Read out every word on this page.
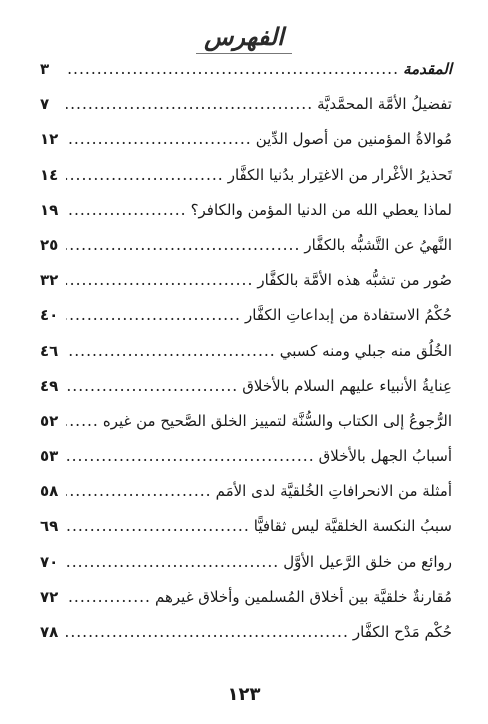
الفهرس
المقدمة
.....
٣
تفضيلُ الأمَّة المحمَّديَّة
.....
٧
مُوالاةُ المؤمنين من أصول الدِّين
.....
١٢
تَحذيرُ الأغْرار من الاغتِرار بدُنيا الكفَّار
.....
١٤
لماذا يعطي الله من الدنيا المؤمن والكافر؟
.....
١٩
النَّهيُ عن التَّشبُّه بالكفَّار
.....
٢٥
صُور من تشبُّه هذه الأمَّة بالكفَّار
.....
٣٢
حُكْمُ الاستفادة من إبداعاتِ الكفَّار
.....
٤٠
الخُلُق منه جبلي ومنه كسبي
.....
٤٦
عِنايةُ الأنبياء عليهم السلام بالأخلاق
.....
٤٩
الرُّجوعُ إلى الكتاب والسُّنَّة لتمييز الخلق الصَّحيح من غيره
.....
٥٢
أسبابُ الجهل بالأخلاق
.....
٥٣
أمثلة من الانحرافاتِ الخُلقيَّة لدى الأمَم
.....
٥٨
سببُ النكسة الخلقيَّة ليس ثقافيًّا
.....
٦٩
روائع من خلق الرَّعيل الأوَّل
.....
٧٠
مُقارنةٌ خلقيَّة بين أخلاق المُسلمين وأخلاق غيرهم
.....
٧٢
حُكْم مَدْح الكفَّار
.....
٧٨
١٢٣
